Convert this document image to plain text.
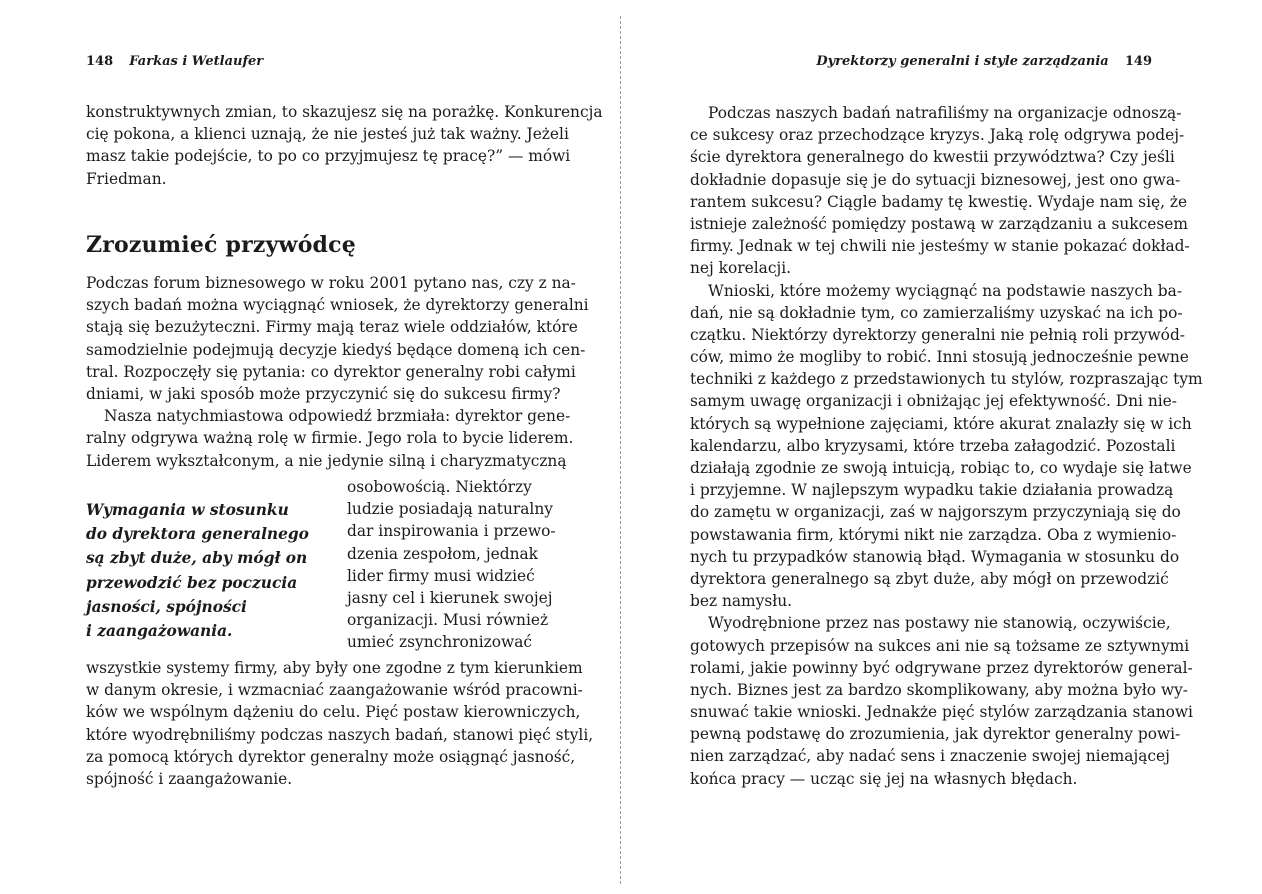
148 Farkas i Wetlaufer
konstruktywnych zmian, to skazujesz się na porażkę. Konkurencja
cię pokona, a klienci uznają, że nie jesteś już tak ważny. Jeżeli
masz takie podejście, to po co przyjmujesz tę pracę?” — mówi
Friedman.
Zrozumieć przywódcę
Podczas forum biznesowego w roku 2001 pytano nas, czy z na-
szych badań można wyciągnąć wniosek, że dyrektorzy generalni
stają się bezużyteczni. Firmy mają teraz wiele oddziałów, które
samodzielnie podejmują decyzje kiedyś będące domeną ich cen-
tral. Rozpoczęły się pytania: co dyrektor generalny robi całymi
dniami, w jaki sposób może przyczynić się do sukcesu firmy?
Nasza natychmiastowa odpowiedź brzmiała: dyrektor gene-
ralny odgrywa ważną rolę w firmie. Jego rola to bycie liderem.
Liderem wykształconym, a nie jedynie silną i charyzmatyczną
Wymagania w stosunku
do dyrektora generalnego
są zbyt duże, aby mógł on
przewodzić bez poczucia
jasności, spójności
i zaangażowania.
osobowością. Niektórzy
ludzie posiadają naturalny
dar inspirowania i przewo-
dzenia zespołom, jednak
lider firmy musi widzieć
jasny cel i kierunek swojej
organizacji. Musi również
umieć zsynchronizować
wszystkie systemy firmy, aby były one zgodne z tym kierunkiem
w danym okresie, i wzmacniać zaangażowanie wśród pracowni-
ków we wspólnym dążeniu do celu. Pięć postaw kierowniczych,
które wyodrębniliśmy podczas naszych badań, stanowi pięć styli,
za pomocą których dyrektor generalny może osiągnąć jasność,
spójność i zaangażowanie.
Dyrektorzy generalni i style zarządzania 149
Podczas naszych badań natrafiliśmy na organizacje odnoszą-
ce sukcesy oraz przechodzące kryzys. Jaką rolę odgrywa podej-
ście dyrektora generalnego do kwestii przywództwa? Czy jeśli
dokładnie dopasuje się je do sytuacji biznesowej, jest ono gwa-
rantem sukcesu? Ciągle badamy tę kwestię. Wydaje nam się, że
istnieje zależność pomiędzy postawą w zarządzaniu a sukcesem
firmy. Jednak w tej chwili nie jesteśmy w stanie pokazać dokład-
nej korelacji.
Wnioski, które możemy wyciągnąć na podstawie naszych ba-
dań, nie są dokładnie tym, co zamierzaliśmy uzyskać na ich po-
czątku. Niektórzy dyrektorzy generalni nie pełnią roli przywód-
ców, mimo że mogliby to robić. Inni stosują jednocześnie pewne
techniki z każdego z przedstawionych tu stylów, rozpraszając tym
samym uwagę organizacji i obniżając jej efektywność. Dni nie-
których są wypełnione zajęciami, które akurat znalazły się w ich
kalendarzu, albo kryzysami, które trzeba załagodzić. Pozostali
działają zgodnie ze swoją intuicją, robiąc to, co wydaje się łatwe
i przyjemne. W najlepszym wypadku takie działania prowadzą
do zamętu w organizacji, zaś w najgorszym przyczyniają się do
powstawania firm, którymi nikt nie zarządza. Oba z wymienio-
nych tu przypadków stanowią błąd. Wymagania w stosunku do
dyrektora generalnego są zbyt duże, aby mógł on przewodzić
bez namysłu.
Wyodrębnione przez nas postawy nie stanowią, oczywiście,
gotowych przepisów na sukces ani nie są tożsame ze sztywnymi
rolami, jakie powinny być odgrywane przez dyrektorów general-
nych. Biznes jest za bardzo skomplikowany, aby można było wy-
snuwać takie wnioski. Jednakże pięć stylów zarządzania stanowi
pewną podstawę do zrozumienia, jak dyrektor generalny powi-
nien zarządzać, aby nadać sens i znaczenie swojej niemającej
końca pracy — ucząc się jej na własnych błędach.
